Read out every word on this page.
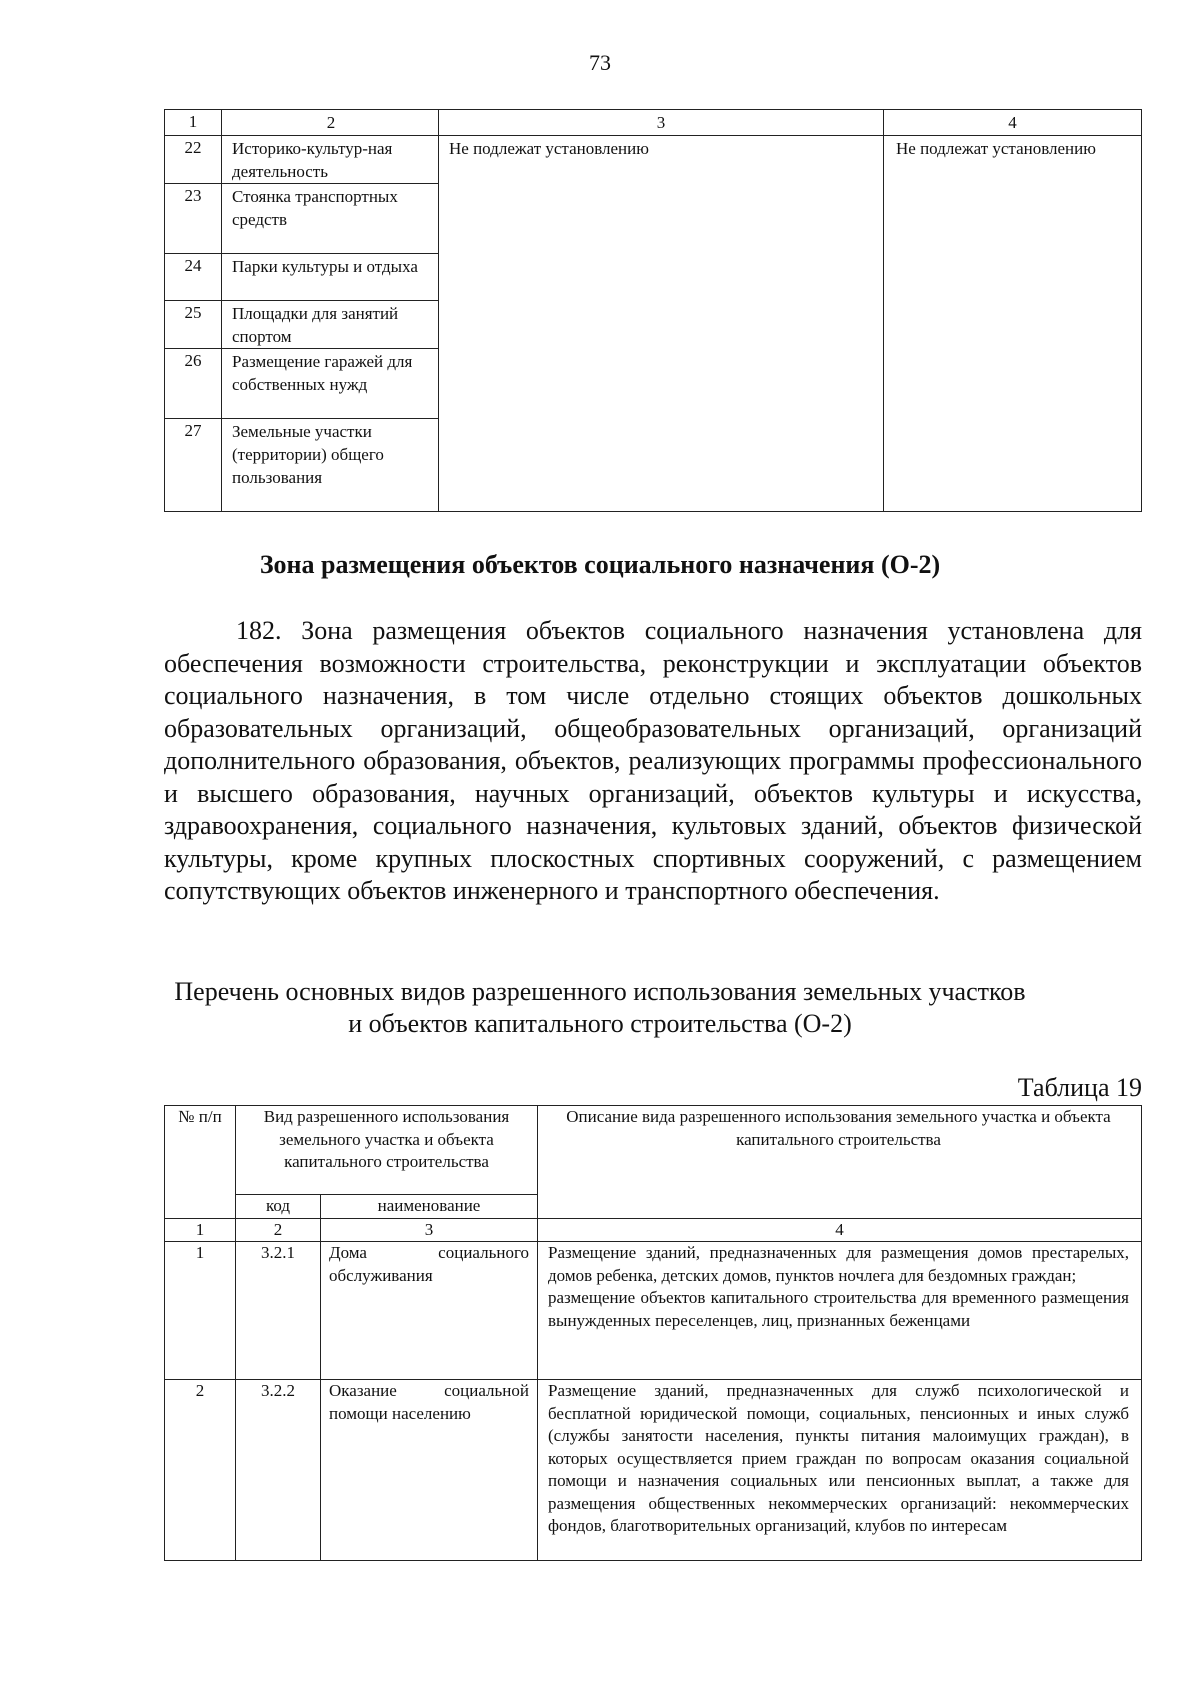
73
1	2	3	4
22	Историко-культур-ная деятельность	Не подлежат установлению	Не подлежат установлению
23	Стоянка транспортных средств		
24	Парки культуры и отдыха		
25	Площадки для занятий спортом		
26	Размещение гаражей для собственных нужд		
27	Земельные участки (территории) общего пользования		
Зона размещения объектов социального назначения (О-2)

182. Зона размещения объектов социального назначения установлена для обеспечения возможности строительства, реконструкции и эксплуатации объектов социального назначения, в том числе отдельно стоящих объектов дошкольных образовательных организаций, общеобразовательных организаций, организаций дополнительного образования, объектов, реализующих программы профессионального и высшего образования, научных организаций, объектов культуры и искусства, здравоохранения, социального назначения, культовых зданий, объектов физической культуры, кроме крупных плоскостных спортивных сооружений, с размещением сопутствующих объектов инженерного и транспортного обеспечения.

Перечень основных видов разрешенного использования земельных участков
и объектов капитального строительства (О-2)
Таблица 19
№ п/п	Вид разрешенного использования земельного участка и объекта капитального строительства		Описание вида разрешенного использования земельного участка и объекта капитального строительства
	код	наименование	
1	2	3	4
1	3.2.1	Дома социального обслуживания	Размещение зданий, предназначенных для размещения домов престарелых, домов ребенка, детских домов, пунктов ночлега для бездомных граждан;
размещение объектов капитального строительства для временного размещения вынужденных переселенцев, лиц, признанных беженцами

2	3.2.2	Оказание социальной помощи населению	Размещение зданий, предназначенных для служб психологической и бесплатной юридической помощи, социальных, пенсионных и иных служб (службы занятости населения, пункты питания малоимущих граждан), в которых осуществляется прием граждан по вопросам оказания социальной помощи и назначения социальных или пенсионных выплат, а также для размещения общественных некоммерческих организаций: некоммерческих фондов, благотворительных организаций, клубов по интересам
